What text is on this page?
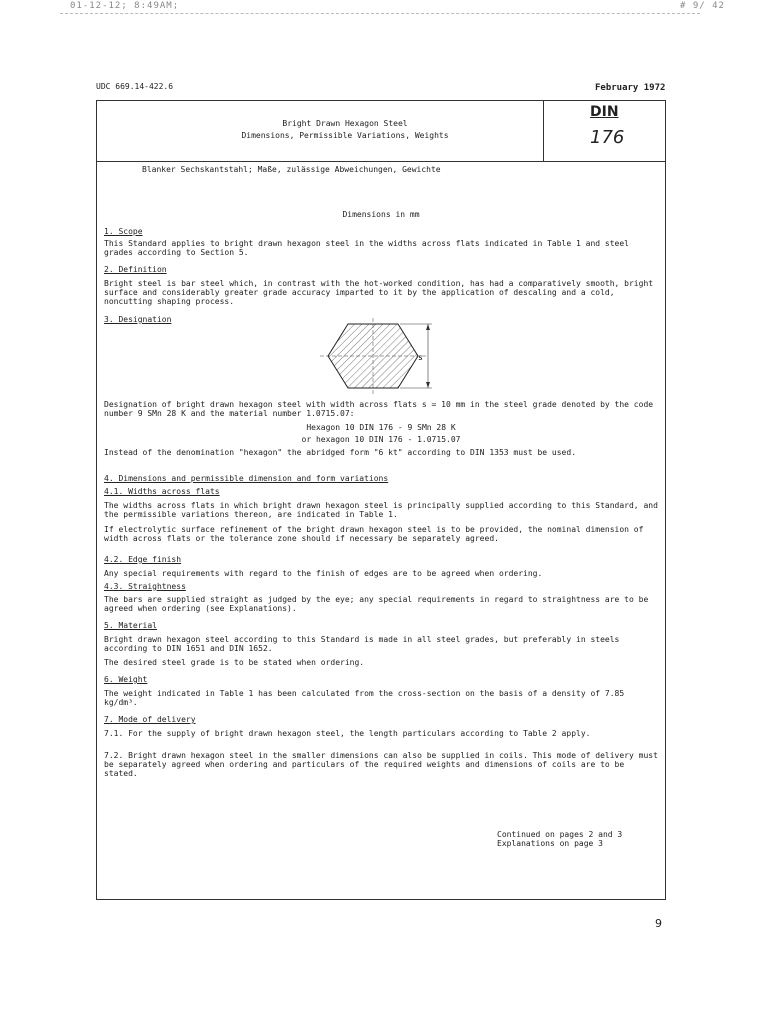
01-12-12; 8:49AM;	# 9/ 42
UDC 669.14-422.6	February 1972
Bright Drawn Hexagon Steel
Dimensions, Permissible Variations, Weights
DIN
176
Blanker Sechskantstahl; Maße, zulässige Abweichungen, Gewichte
Dimensions in mm
1. Scope
This Standard applies to bright drawn hexagon steel in the widths across flats indicated in Table 1 and steel grades according to Section 5.
2. Definition
Bright steel is bar steel which, in contrast with the hot-worked condition, has had a comparatively smooth, bright surface and considerably greater grade accuracy imparted to it by the application of descaling and a cold, noncutting shaping process.
3. Designation
s
Designation of bright drawn hexagon steel with width across flats s = 10 mm in the steel grade denoted by the code number 9 SMn 28 K and the material number 1.0715.07:
Hexagon 10 DIN 176 - 9 SMn 28 K
or hexagon 10 DIN 176 - 1.0715.07
Instead of the denomination "hexagon" the abridged form "6 kt" according to DIN 1353 must be used.
4. Dimensions and permissible dimension and form variations
4.1. Widths across flats
The widths across flats in which bright drawn hexagon steel is principally supplied according to this Standard, and the permissible variations thereon, are indicated in Table 1.
If electrolytic surface refinement of the bright drawn hexagon steel is to be provided, the nominal dimension of width across flats or the tolerance zone should if necessary be separately agreed.
4.2. Edge finish
Any special requirements with regard to the finish of edges are to be agreed when ordering.
4.3. Straightness
The bars are supplied straight as judged by the eye; any special requirements in regard to straightness are to be agreed when ordering (see Explanations).
5. Material
Bright drawn hexagon steel according to this Standard is made in all steel grades, but preferably in steels according to DIN 1651 and DIN 1652.
The desired steel grade is to be stated when ordering.
6. Weight
The weight indicated in Table 1 has been calculated from the cross-section on the basis of a density of 7.85 kg/dm³.
7. Mode of delivery
7.1. For the supply of bright drawn hexagon steel, the length particulars according to Table 2 apply.
7.2. Bright drawn hexagon steel in the smaller dimensions can also be supplied in coils. This mode of delivery must be separately agreed when ordering and particulars of the required weights and dimensions of coils are to be stated.
Continued on pages 2 and 3
Explanations on page 3
9
